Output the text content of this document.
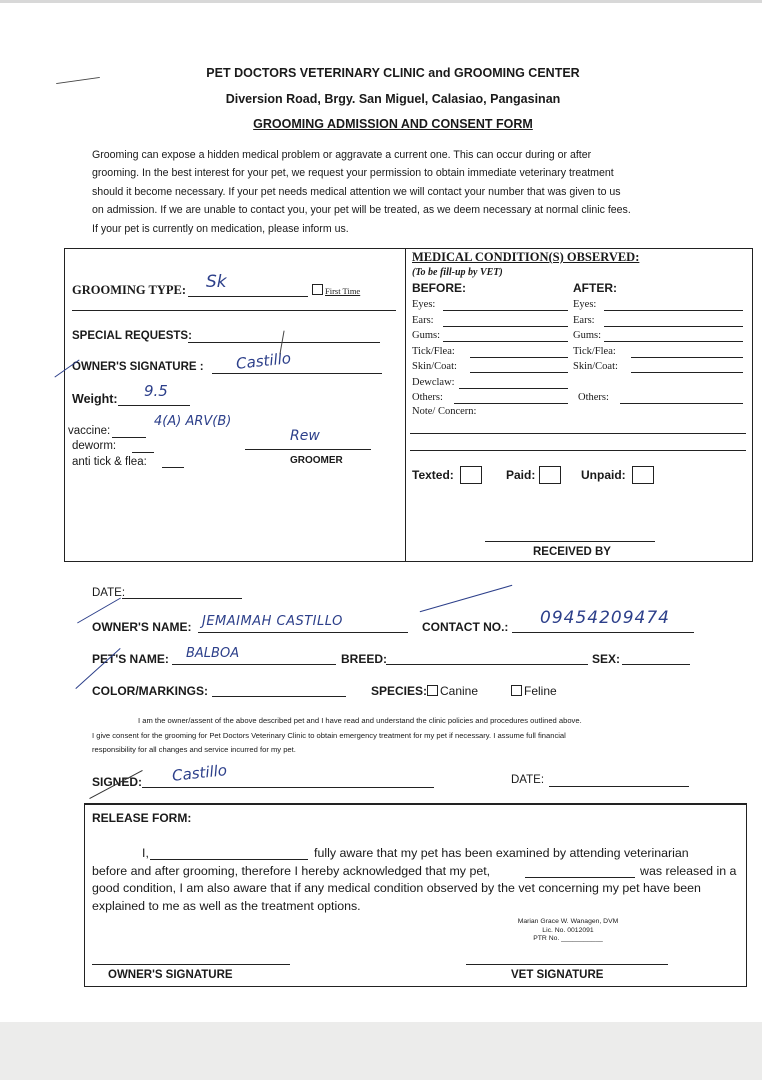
PET DOCTORS VETERINARY CLINIC and GROOMING CENTER
Diversion Road, Brgy. San Miguel, Calasiao, Pangasinan
GROOMING ADMISSION AND CONSENT FORM
Grooming can expose a hidden medical problem or aggravate a current one. This can occur during or after
grooming. In the best interest for your pet, we request your permission to obtain immediate veterinary treatment
should it become necessary. If your pet needs medical attention we will contact your number that was given to us
on admission. If we are unable to contact you, your pet will be treated, as we deem necessary at normal clinic fees.
If your pet is currently on medication, please inform us.
GROOMING TYPE: Sk	First Time
SPECIAL REQUESTS:
OWNER'S SIGNATURE : Castillo
Weight: 9.5
vaccine:
4(A) ARV(B)
deworm:
anti tick & flea:
Rew
GROOMER
MEDICAL CONDITION(S) OBSERVED:
(To be fill-up by VET)
BEFORE:	AFTER:
Eyes:	Eyes:
Ears:	Ears:
Gums:	Gums:
Tick/Flea:	Tick/Flea:
Skin/Coat:	Skin/Coat:
Dewclaw:
Others:	Others:
Note/ Concern:
Texted:	Paid:	Unpaid:
RECEIVED BY
DATE:
OWNER'S NAME: JEMAIMAH CASTILLO	CONTACT NO.: 09454209474
PET'S NAME: BALBOA	BREED:	SEX:
COLOR/MARKINGS:	SPECIES:	Canine	Feline
I am the owner/assent of the above described pet and I have read and understand the clinic policies and procedures outlined above.
I give consent for the grooming for Pet Doctors Veterinary Clinic to obtain emergency treatment for my pet if necessary. I assume full financial
responsibility for all changes and service incurred for my pet.
SIGNED: Castillo	DATE:
RELEASE FORM:
I,	fully aware that my pet has been examined by attending veterinarian
before and after grooming, therefore I hereby acknowledged that my pet,	was released in a
good condition, I am also aware that if any medical condition observed by the vet concerning my pet have been
explained to me as well as the treatment options.
Marian Grace W. Wanagen, DVM
Lic. No. 0012091
PTR No. ___________
OWNER'S SIGNATURE	VET SIGNATURE
